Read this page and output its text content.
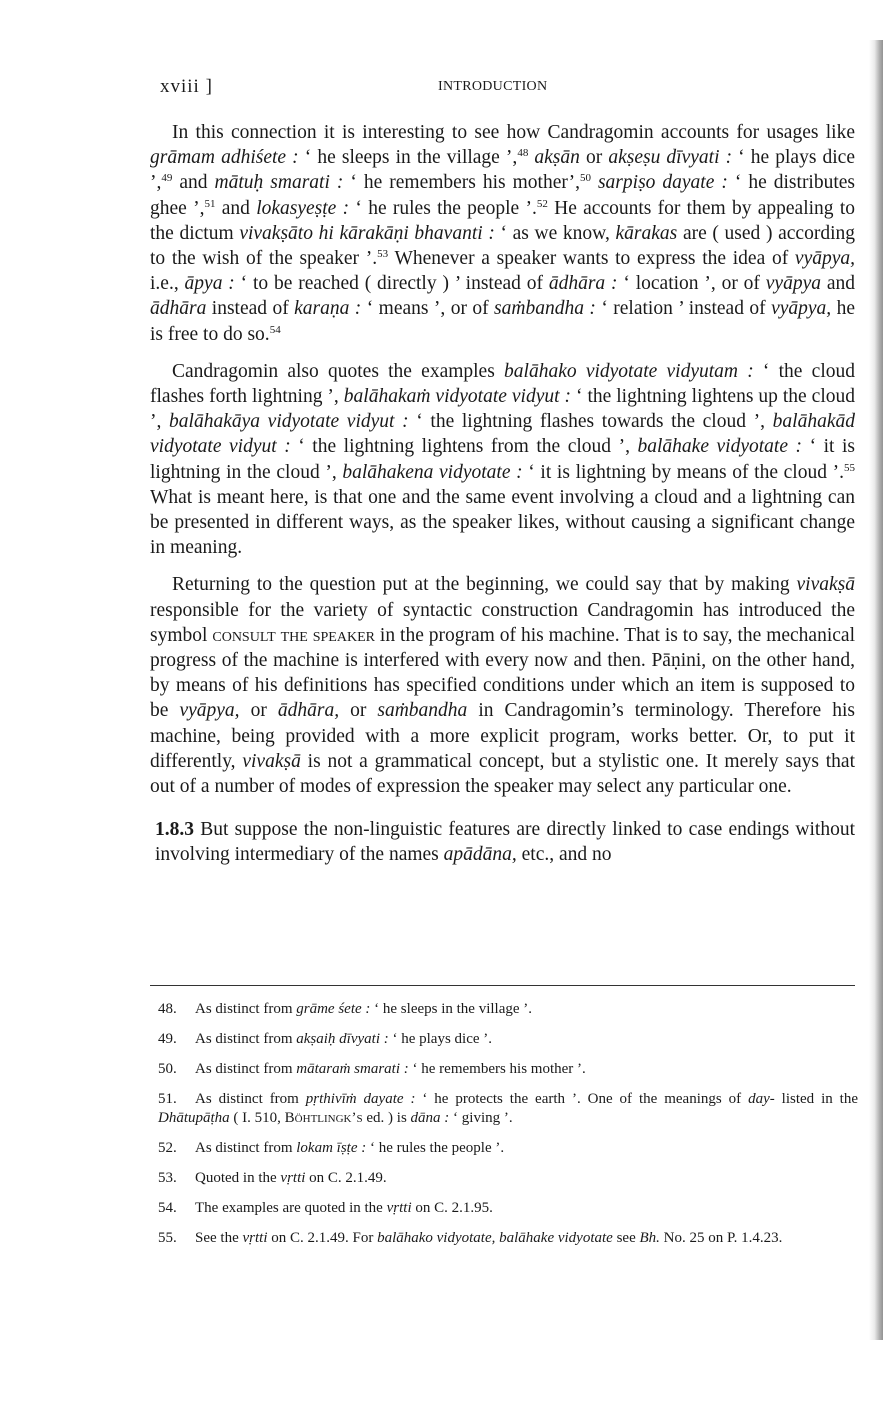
xviii ]	INTRODUCTION

In this connection it is interesting to see how Candragomin accounts for usages like grāmam adhiśete : ‘ he sleeps in the village ’,$^{48}$ akṣān or akṣeṣu dīvyati : ‘ he plays dice ’,$^{49}$ and mātuḥ smarati : ‘ he remembers his mother’,$^{50}$ sarpiṣo dayate : ‘ he distributes ghee ’,$^{51}$ and lokasyeṣṭe : ‘ he rules the people ’.$^{52}$ He accounts for them by appealing to the dictum vivakṣāto hi kārakāṇi bhavanti : ‘ as we know, kārakas are ( used ) according to the wish of the speaker ’.$^{53}$ Whenever a speaker wants to express the idea of vyāpya, i.e., āpya : ‘ to be reached ( directly ) ’ instead of ādhāra : ‘ location ’, or of vyāpya and ādhāra instead of karaṇa : ‘ means ’, or of saṁbandha : ‘ relation ’ instead of vyāpya, he is free to do so.$^{54}$

Candragomin also quotes the examples balāhako vidyotate vidyutam : ‘ the cloud flashes forth lightning ’, balāhakaṁ vidyotate vidyut : ‘ the lightning lightens up the cloud ’, balāhakāya vidyotate vidyut : ‘ the lightning flashes towards the cloud ’, balāhakād vidyotate vidyut : ‘ the lightning lightens from the cloud ’, balāhake vidyotate : ‘ it is lightning in the cloud ’, balāhakena vidyotate : ‘ it is lightning by means of the cloud ’.$^{55}$ What is meant here, is that one and the same event involving a cloud and a lightning can be presented in different ways, as the speaker likes, without causing a significant change in meaning.

Returning to the question put at the beginning, we could say that by making vivakṣā responsible for the variety of syntactic construction Candragomin has introduced the symbol consult the speaker in the program of his machine. That is to say, the mechanical progress of the machine is interfered with every now and then. Pāṇini, on the other hand, by means of his definitions has specified conditions under which an item is supposed to be vyāpya, or ādhāra, or saṁbandha in Candragomin’s terminology. Therefore his machine, being provided with a more explicit program, works better. Or, to put it differently, vivakṣā is not a grammatical concept, but a stylistic one. It merely says that out of a number of modes of expression the speaker may select any particular one.

1.8.3 But suppose the non-linguistic features are directly linked to case endings without involving intermediary of the names apādāna, etc., and no

48. As distinct from grāme śete : ‘ he sleeps in the village ’.

49. As distinct from akṣaiḥ dīvyati : ‘ he plays dice ’.

50. As distinct from mātaraṁ smarati : ‘ he remembers his mother ’.

51. As distinct from pṛthivīṁ dayate : ‘ he protects the earth ’. One of the meanings of day- listed in the Dhātupāṭha ( I. 510, Böhtlingk’s ed. ) is dāna : ‘ giving ’.

52. As distinct from lokam īṣṭe : ‘ he rules the people ’.

53. Quoted in the vṛtti on C. 2.1.49.

54. The examples are quoted in the vṛtti on C. 2.1.95.

55. See the vṛtti on C. 2.1.49. For balāhako vidyotate, balāhake vidyotate see Bh. No. 25 on P. 1.4.23.
